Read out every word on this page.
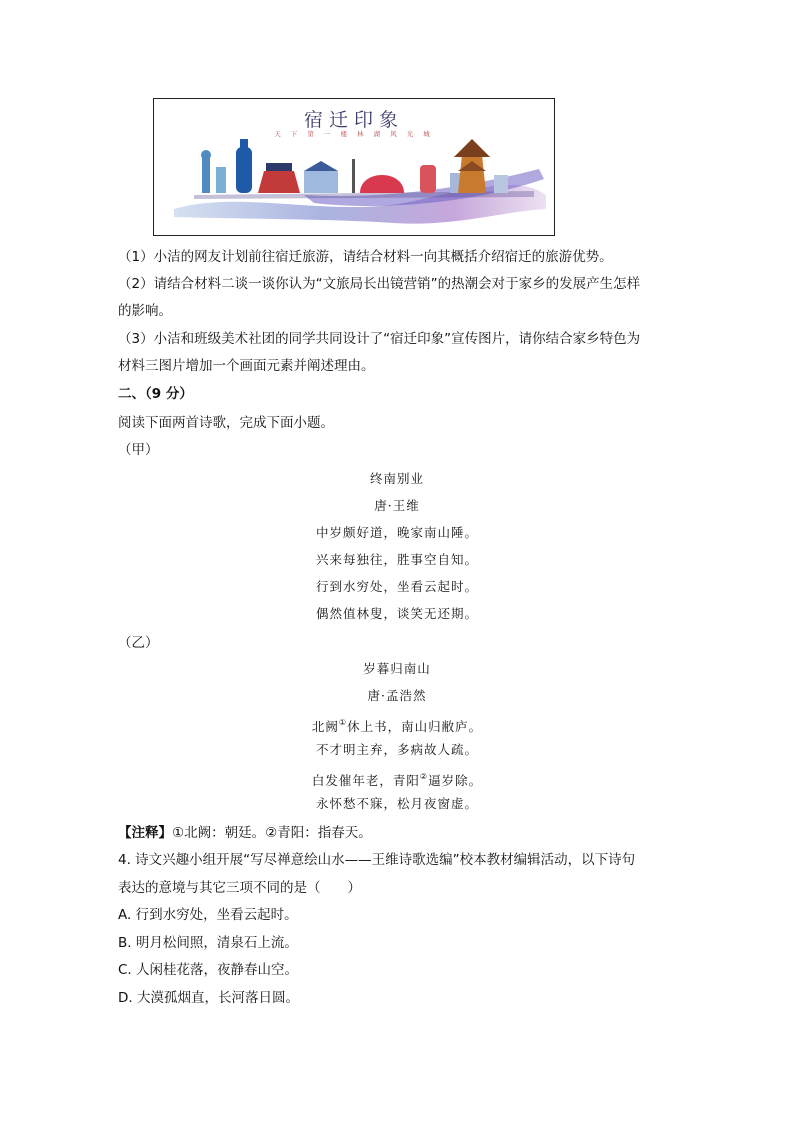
宿迁印象
天 下 第 一 楼 林 湖 风 光 城
（1）小洁的网友计划前往宿迁旅游，请结合材料一向其概括介绍宿迁的旅游优势。
（2）请结合材料二谈一谈你认为“文旅局长出镜营销”的热潮会对于家乡的发展产生怎样
的影响。
（3）小洁和班级美术社团的同学共同设计了“宿迁印象”宣传图片，请你结合家乡特色为
材料三图片增加一个画面元素并阐述理由。
二、（9 分）
阅读下面两首诗歌，完成下面小题。
（甲）
终南别业
唐·王维
中岁颇好道，晚家南山陲。
兴来每独往，胜事空自知。
行到水穷处，坐看云起时。
偶然值林叟，谈笑无还期。
（乙）
岁暮归南山
唐·孟浩然
北阙①休上书，南山归敝庐。
不才明主弃，多病故人疏。
白发催年老，青阳②逼岁除。
永怀愁不寐，松月夜窗虚。
【注释】①北阙：朝廷。②青阳：指春天。
4. 诗文兴趣小组开展“写尽禅意绘山水——王维诗歌选编”校本教材编辑活动，以下诗句
表达的意境与其它三项不同的是（　　）
A. 行到水穷处，坐看云起时。
B. 明月松间照，清泉石上流。
C. 人闲桂花落，夜静春山空。
D. 大漠孤烟直，长河落日圆。
